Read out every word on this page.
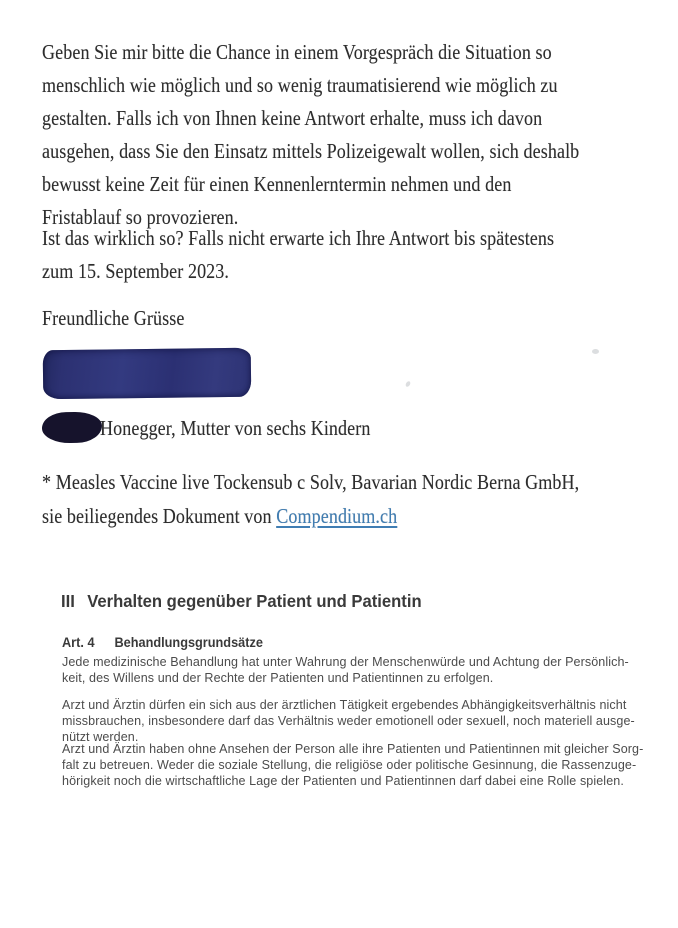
Geben Sie mir bitte die Chance in einem Vorgespräch die Situation so
menschlich wie möglich und so wenig traumatisierend wie möglich zu
gestalten. Falls ich von Ihnen keine Antwort erhalte, muss ich davon
ausgehen, dass Sie den Einsatz mittels Polizeigewalt wollen, sich deshalb
bewusst keine Zeit für einen Kennenlerntermin nehmen und den
Fristablauf so provozieren.
Ist das wirklich so? Falls nicht erwarte ich Ihre Antwort bis spätestens
zum 15. September 2023.
Freundliche Grüsse
Honegger, Mutter von sechs Kindern
* Measles Vaccine live Tockensub c Solv, Bavarian Nordic Berna GmbH,
sie beiliegendes Dokument von Compendium.ch
III Verhalten gegenüber Patient und Patientin
Art. 4 Behandlungsgrundsätze
Jede medizinische Behandlung hat unter Wahrung der Menschenwürde und Achtung der Persönlich-
keit, des Willens und der Rechte der Patienten und Patientinnen zu erfolgen.
Arzt und Ärztin dürfen ein sich aus der ärztlichen Tätigkeit ergebendes Abhängigkeitsverhältnis nicht
missbrauchen, insbesondere darf das Verhältnis weder emotionell oder sexuell, noch materiell ausge-
nützt werden.
Arzt und Ärztin haben ohne Ansehen der Person alle ihre Patienten und Patientinnen mit gleicher Sorg-
falt zu betreuen. Weder die soziale Stellung, die religiöse oder politische Gesinnung, die Rassenzuge-
hörigkeit noch die wirtschaftliche Lage der Patienten und Patientinnen darf dabei eine Rolle spielen.
